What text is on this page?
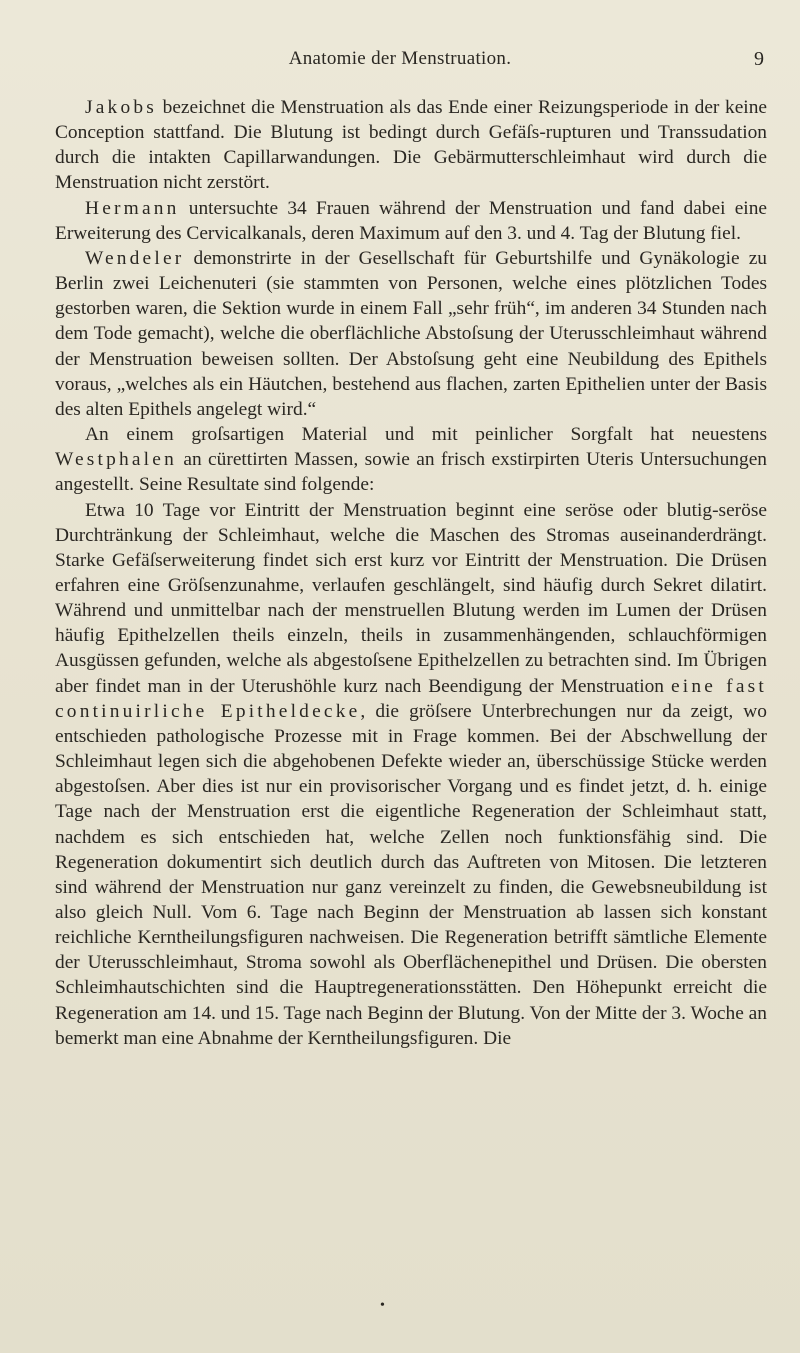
Anatomie der Menstruation.	9

Jakobs bezeichnet die Menstruation als das Ende einer Reizungsperiode in der keine Conception stattfand. Die Blutung ist bedingt durch Gefäſs-rupturen und Transsudation durch die intakten Capillarwandungen. Die Gebärmutterschleimhaut wird durch die Menstruation nicht zerstört.

Hermann untersuchte 34 Frauen während der Menstruation und fand dabei eine Erweiterung des Cervicalkanals, deren Maximum auf den 3. und 4. Tag der Blutung fiel.

Wendeler demonstrirte in der Gesellschaft für Geburtshilfe und Gynäkologie zu Berlin zwei Leichenuteri (sie stammten von Personen, welche eines plötzlichen Todes gestorben waren, die Sektion wurde in einem Fall „sehr früh“, im anderen 34 Stunden nach dem Tode gemacht), welche die oberflächliche Abstoſsung der Uterusschleimhaut während der Menstruation beweisen sollten. Der Abstoſsung geht eine Neubildung des Epithels voraus, „welches als ein Häutchen, bestehend aus flachen, zarten Epithelien unter der Basis des alten Epithels angelegt wird.“

An einem groſsartigen Material und mit peinlicher Sorgfalt hat neuestens Westphalen an cürettirten Massen, sowie an frisch exstirpirten Uteris Untersuchungen angestellt. Seine Resultate sind folgende:

Etwa 10 Tage vor Eintritt der Menstruation beginnt eine seröse oder blutig-seröse Durchtränkung der Schleimhaut, welche die Maschen des Stromas auseinanderdrängt. Starke Gefäſserweiterung findet sich erst kurz vor Eintritt der Menstruation. Die Drüsen erfahren eine Gröſsenzunahme, verlaufen geschlängelt, sind häufig durch Sekret dilatirt. Während und unmittelbar nach der menstruellen Blutung werden im Lumen der Drüsen häufig Epithelzellen theils einzeln, theils in zusammenhängenden, schlauchförmigen Ausgüssen gefunden, welche als abgestoſsene Epithelzellen zu betrachten sind. Im Übrigen aber findet man in der Uterushöhle kurz nach Beendigung der Menstruation eine fast continuirliche Epitheldecke, die gröſsere Unterbrechungen nur da zeigt, wo entschieden pathologische Prozesse mit in Frage kommen. Bei der Abschwellung der Schleimhaut legen sich die abgehobenen Defekte wieder an, überschüssige Stücke werden abgestoſsen. Aber dies ist nur ein provisorischer Vorgang und es findet jetzt, d. h. einige Tage nach der Menstruation erst die eigentliche Regeneration der Schleimhaut statt, nachdem es sich entschieden hat, welche Zellen noch funktionsfähig sind. Die Regeneration dokumentirt sich deutlich durch das Auftreten von Mitosen. Die letzteren sind während der Menstruation nur ganz vereinzelt zu finden, die Gewebsneubildung ist also gleich Null. Vom 6. Tage nach Beginn der Menstruation ab lassen sich konstant reichliche Kerntheilungsfiguren nachweisen. Die Regeneration betrifft sämtliche Elemente der Uterusschleimhaut, Stroma sowohl als Oberflächenepithel und Drüsen. Die obersten Schleimhautschichten sind die Hauptregenerationsstätten. Den Höhepunkt erreicht die Regeneration am 14. und 15. Tage nach Beginn der Blutung. Von der Mitte der 3. Woche an bemerkt man eine Abnahme der Kerntheilungsfiguren. Die

•
